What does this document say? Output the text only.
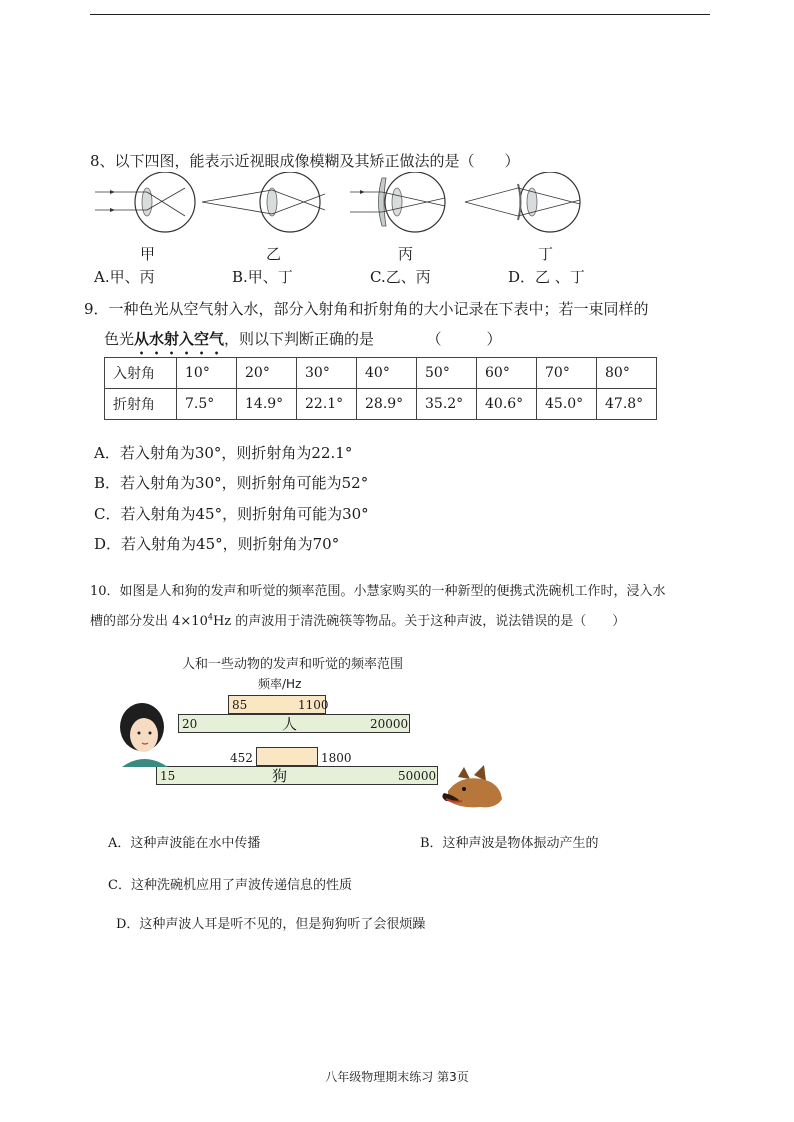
8、以下四图，能表示近视眼成像模糊及其矫正做法的是（　　）
甲	乙	丙	丁
A.甲、丙	B.甲、丁	C.乙、丙	D．乙 、丁
9．一种色光从空气射入水，部分入射角和折射角的大小记录在下表中；若一束同样的
色光从水射入空气，则以下判断正确的是　　　　（　　　）
入射角	10°	20°	30°	40°	50°	60°	70°	80°
折射角	7.5°	14.9°	22.1°	28.9°	35.2°	40.6°	45.0°	47.8°
A．若入射角为30°，则折射角为22.1°
B．若入射角为30°，则折射角可能为52°
C．若入射角为45°，则折射角可能为30°
D．若入射角为45°，则折射角为70°
10．如图是人和狗的发声和听觉的频率范围。小慧家购买的一种新型的便携式洗碗机工作时，浸入水
槽的部分发出 $4\times 10^4Hz$ 的声波用于清洗碗筷等物品。关于这种声波，说法错误的是（　　）
人和一些动物的发声和听觉的频率范围
频率/Hz
85	1100
20	20000
人
452	1800
15	50000
狗
A．这种声波能在水中传播	B．这种声波是物体振动产生的
C．这种洗碗机应用了声波传递信息的性质
D．这种声波人耳是听不见的，但是狗狗听了会很烦躁
八年级物理期末练习 第3页
